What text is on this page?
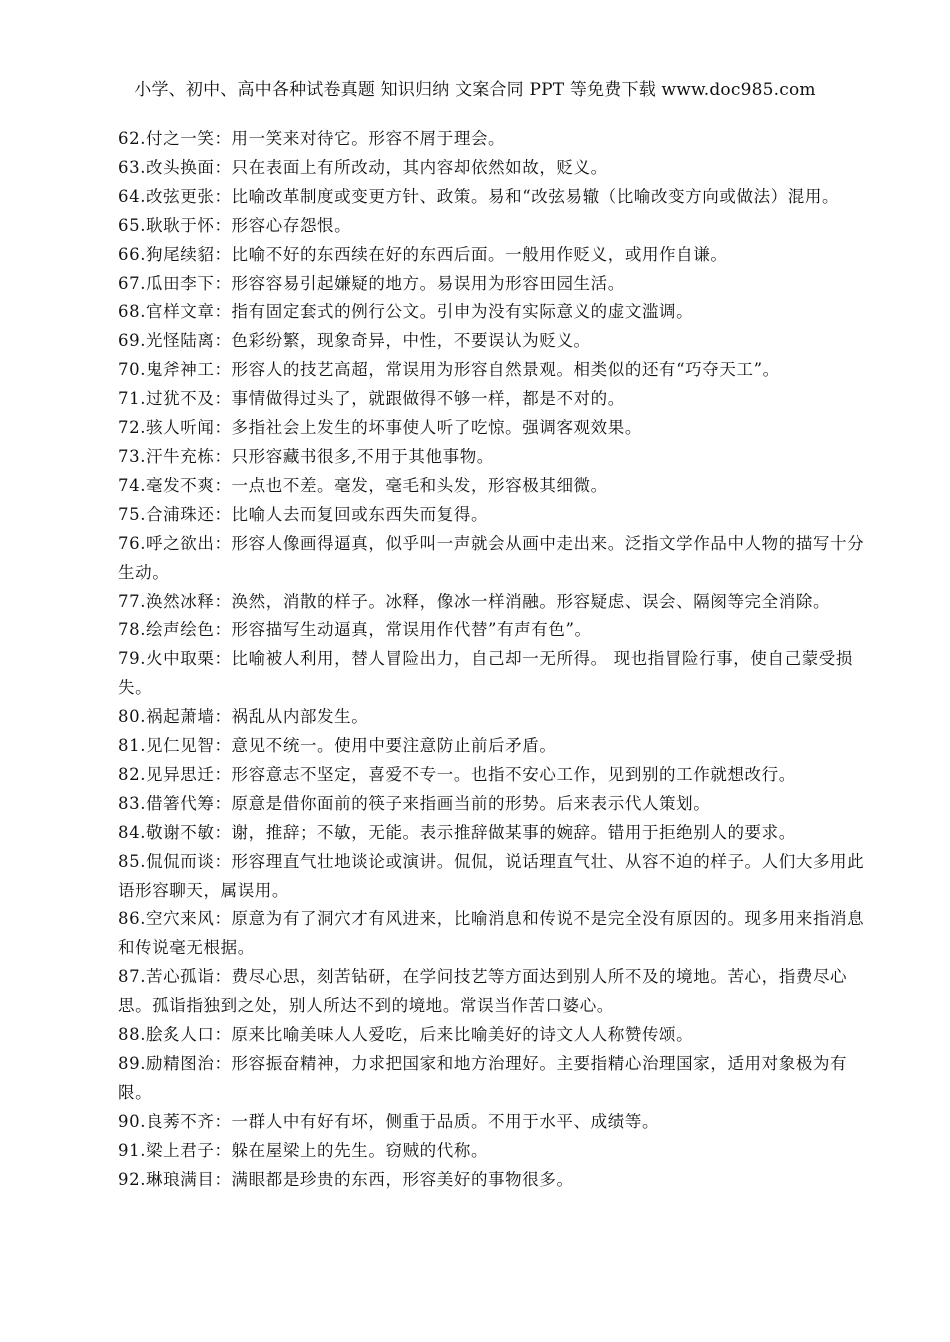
小学、初中、高中各种试卷真题 知识归纳 文案合同 PPT 等免费下载 www.doc985.com

62.付之一笑：用一笑来对待它。形容不屑于理会。

63.改头换面：只在表面上有所改动，其内容却依然如故，贬义。

64.改弦更张：比喻改革制度或变更方针、政策。易和“改弦易辙（比喻改变方向或做法）混用。

65.耿耿于怀：形容心存怨恨。

66.狗尾续貂：比喻不好的东西续在好的东西后面。一般用作贬义，或用作自谦。

67.瓜田李下：形容容易引起嫌疑的地方。易误用为形容田园生活。

68.官样文章：指有固定套式的例行公文。引申为没有实际意义的虚文滥调。

69.光怪陆离：色彩纷繁，现象奇异，中性，不要误认为贬义。

70.鬼斧神工：形容人的技艺高超，常误用为形容自然景观。相类似的还有“巧夺天工”。

71.过犹不及：事情做得过头了，就跟做得不够一样，都是不对的。

72.骇人听闻：多指社会上发生的坏事使人听了吃惊。强调客观效果。

73.汗牛充栋：只形容藏书很多,不用于其他事物。

74.毫发不爽：一点也不差。毫发，毫毛和头发，形容极其细微。

75.合浦珠还：比喻人去而复回或东西失而复得。

76.呼之欲出：形容人像画得逼真，似乎叫一声就会从画中走出来。泛指文学作品中人物的描写十分生动。

77.涣然冰释：涣然，消散的样子。冰释，像冰一样消融。形容疑虑、误会、隔阂等完全消除。

78.绘声绘色：形容描写生动逼真，常误用作代替”有声有色”。

79.火中取栗：比喻被人利用，替人冒险出力，自己却一无所得。 现也指冒险行事，使自己蒙受损失。

80.祸起萧墙：祸乱从内部发生。

81.见仁见智：意见不统一。使用中要注意防止前后矛盾。

82.见异思迁：形容意志不坚定，喜爱不专一。也指不安心工作，见到别的工作就想改行。

83.借箸代筹：原意是借你面前的筷子来指画当前的形势。后来表示代人策划。

84.敬谢不敏：谢，推辞；不敏，无能。表示推辞做某事的婉辞。错用于拒绝别人的要求。

85.侃侃而谈：形容理直气壮地谈论或演讲。侃侃，说话理直气壮、从容不迫的样子。人们大多用此语形容聊天，属误用。

86.空穴来风：原意为有了洞穴才有风进来，比喻消息和传说不是完全没有原因的。现多用来指消息和传说毫无根据。

87.苦心孤诣：费尽心思，刻苦钻研，在学问技艺等方面达到别人所不及的境地。苦心，指费尽心思。孤诣指独到之处，别人所达不到的境地。常误当作苦口婆心。

88.脍炙人口：原来比喻美味人人爱吃，后来比喻美好的诗文人人称赞传颂。

89.励精图治：形容振奋精神，力求把国家和地方治理好。主要指精心治理国家，适用对象极为有限。

90.良莠不齐：一群人中有好有坏，侧重于品质。不用于水平、成绩等。

91.梁上君子：躲在屋梁上的先生。窃贼的代称。

92.琳琅满目：满眼都是珍贵的东西，形容美好的事物很多。
